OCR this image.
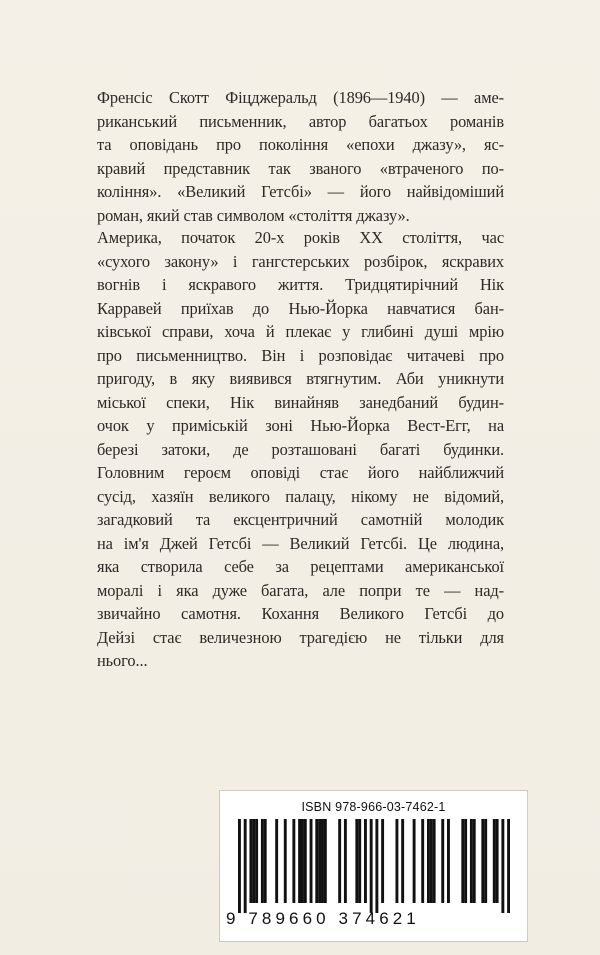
Френсіс Скотт Фіцджеральд (1896—1940) — аме-
риканський письменник, автор багатьох романів
та оповідань про покоління «епохи джазу», яс-
кравий представник так званого «втраченого по-
коління». «Великий Гетсбі» — його найвідоміший
роман, який став символом «століття джазу».
Америка, початок 20-х років XX століття, час
«сухого закону» і гангстерських розбірок, яскравих
вогнів і яскравого життя. Тридцятирічний Нік
Карравей приїхав до Нью-Йорка навчатися бан-
ківської справи, хоча й плекає у глибині душі мрію
про письменництво. Він і розповідає читачеві про
пригоду, в яку виявився втягнутим. Аби уникнути
міської спеки, Нік винайняв занедбаний будин-
очок у приміській зоні Нью-Йорка Вест-Егг, на
березі затоки, де розташовані багаті будинки.
Головним героєм оповіді стає його найближчий
сусід, хазяїн великого палацу, нікому не відомий,
загадковий та ексцентричний самотній молодик
на ім'я Джей Гетсбі — Великий Гетсбі. Це людина,
яка створила себе за рецептами американської
моралі і яка дуже багата, але попри те — над-
звичайно самотня. Кохання Великого Гетсбі до
Дейзі стає величезною трагедією не тільки для
нього...
ISBN 978-966-03-7462-1
9 789660 374621
